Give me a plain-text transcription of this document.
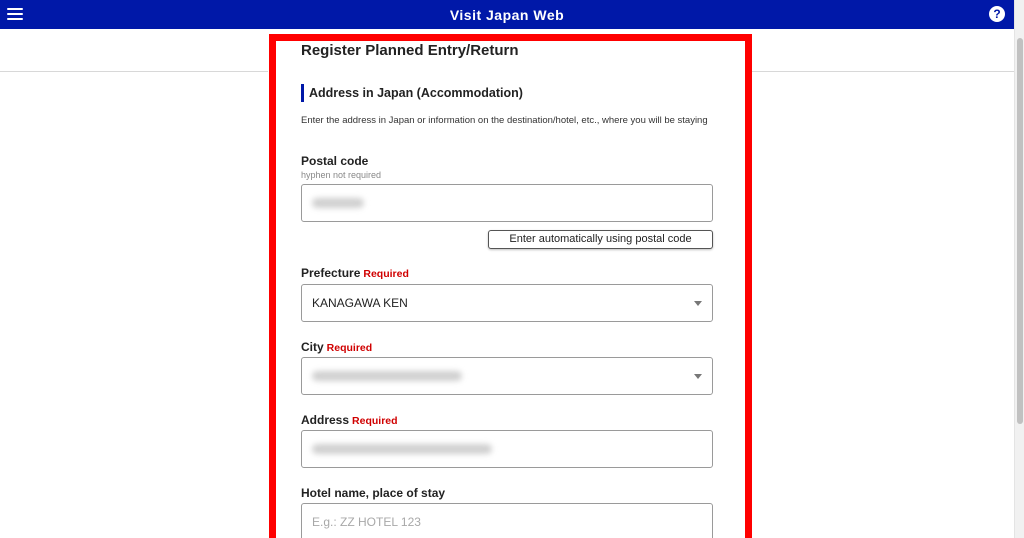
Visit Japan Web	?
Register Planned Entry/Return
Address in Japan (Accommodation)
Enter the address in Japan or information on the destination/hotel, etc., where you will be staying
Postal code
hyphen not required
Enter automatically using postal code
Prefecture Required
KANAGAWA KEN
City Required
Address Required
Hotel name, place of stay
E.g.: ZZ HOTEL 123
